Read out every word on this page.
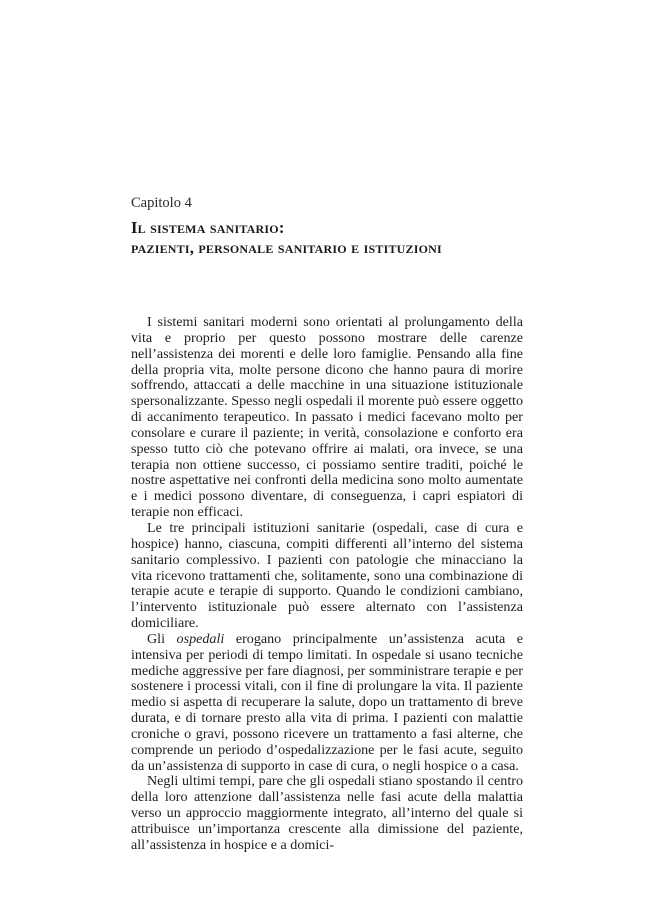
Capitolo 4
Il sistema sanitario:
pazienti, personale sanitario e istituzioni

I sistemi sanitari moderni sono orientati al prolungamento della vita e proprio per questo possono mostrare delle carenze nell’assistenza dei morenti e delle loro famiglie. Pensando alla fine della propria vita, molte persone dicono che hanno paura di morire soffrendo, attaccati a delle macchine in una situazione istituzionale spersonalizzante. Spesso negli ospedali il morente può essere oggetto di accanimento terapeutico. In passato i medici facevano molto per consolare e curare il paziente; in verità, consolazione e conforto era spesso tutto ciò che potevano offrire ai malati, ora invece, se una terapia non ottiene successo, ci possiamo sentire traditi, poiché le nostre aspettative nei confronti della medicina sono molto aumentate e i medici possono diventare, di conseguenza, i capri espiatori di terapie non efficaci.

Le tre principali istituzioni sanitarie (ospedali, case di cura e hospice) hanno, ciascuna, compiti differenti all’interno del sistema sanitario complessivo. I pazienti con patologie che minacciano la vita ricevono trattamenti che, solitamente, sono una combinazione di terapie acute e terapie di supporto. Quando le condizioni cambiano, l’intervento istituzionale può essere alternato con l’assistenza domiciliare.

Gli ospedali erogano principalmente un’assistenza acuta e intensiva per periodi di tempo limitati. In ospedale si usano tecniche mediche aggressive per fare diagnosi, per somministrare terapie e per sostenere i processi vitali, con il fine di prolungare la vita. Il paziente medio si aspetta di recuperare la salute, dopo un trattamento di breve durata, e di tornare presto alla vita di prima. I pazienti con malattie croniche o gravi, possono ricevere un trattamento a fasi alterne, che comprende un periodo d’ospedalizzazione per le fasi acute, seguito da un’assistenza di supporto in case di cura, o negli hospice o a casa.

Negli ultimi tempi, pare che gli ospedali stiano spostando il centro della loro attenzione dall’assistenza nelle fasi acute della malattia verso un approccio maggiormente integrato, all’interno del quale si attribuisce un’importanza crescente alla dimissione del paziente, all’assistenza in hospice e a domici-
